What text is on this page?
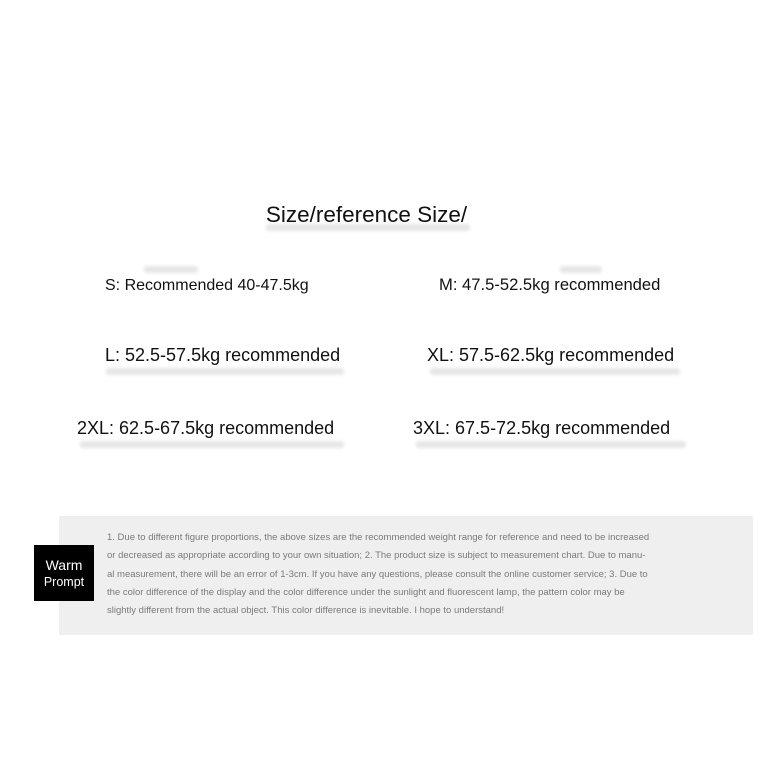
Size/reference Size/
S: Recommended 40-47.5kg	M: 47.5-52.5kg recommended
L: 52.5-57.5kg recommended	XL: 57.5-62.5kg recommended
2XL: 62.5-67.5kg recommended	3XL: 67.5-72.5kg recommended
Warm
Prompt
1. Due to different figure proportions, the above sizes are the recommended weight range for reference and need to be increased
or decreased as appropriate according to your own situation; 2. The product size is subject to measurement chart. Due to manu-
al measurement, there will be an error of 1-3cm. If you have any questions, please consult the online customer service; 3. Due to
the color difference of the display and the color difference under the sunlight and fluorescent lamp, the pattern color may be
slightly different from the actual object. This color difference is inevitable. I hope to understand!
